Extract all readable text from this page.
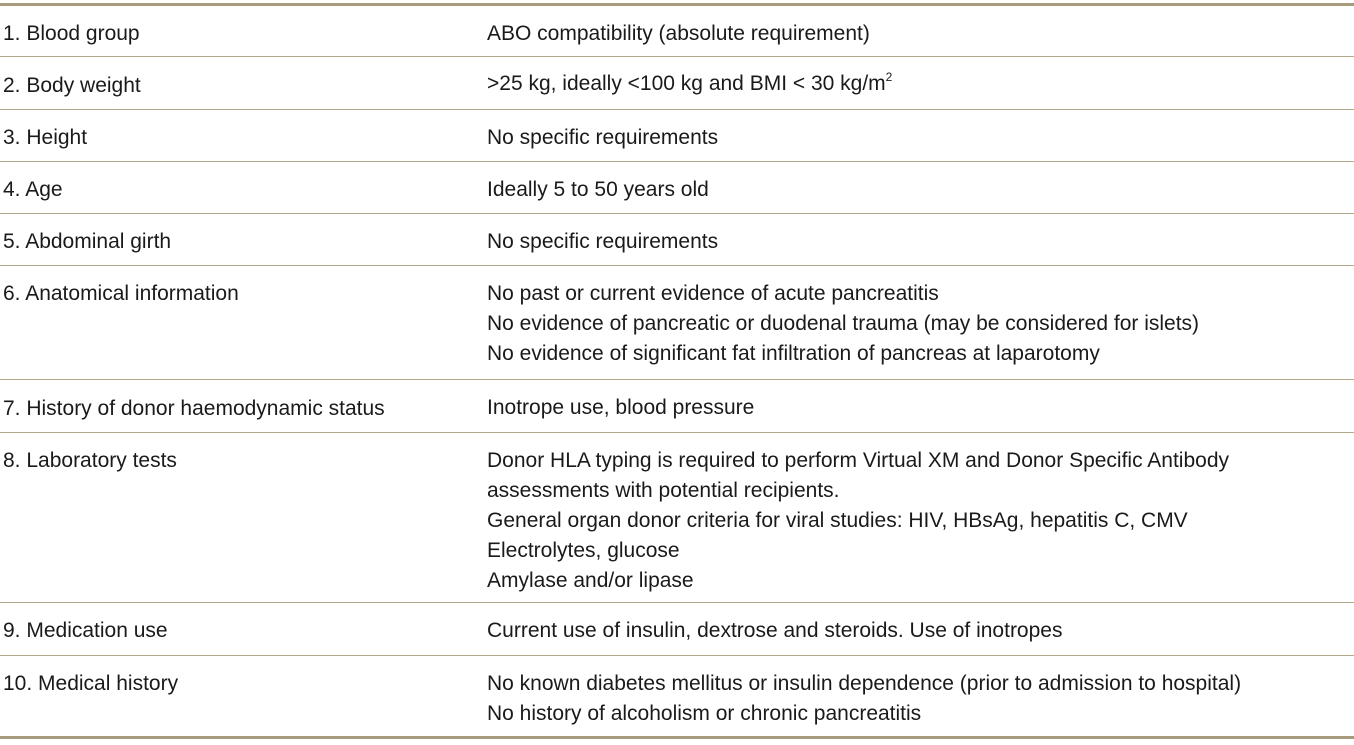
1. Blood group	ABO compatibility (absolute requirement)
2. Body weight	>25 kg, ideally <100 kg and BMI < 30 $kg/m^2$
3. Height	No specific requirements
4. Age	Ideally 5 to 50 years old
5. Abdominal girth	No specific requirements
6. Anatomical information	No past or current evidence of acute pancreatitis
No evidence of pancreatic or duodenal trauma (may be considered for islets)
No evidence of significant fat infiltration of pancreas at laparotomy
7. History of donor haemodynamic status	Inotrope use, blood pressure
8. Laboratory tests	Donor HLA typing is required to perform Virtual XM and Donor Specific Antibody assessments with potential recipients.
General organ donor criteria for viral studies: HIV, HBsAg, hepatitis C, CMV
Electrolytes, glucose
Amylase and/or lipase
9. Medication use	Current use of insulin, dextrose and steroids. Use of inotropes
10. Medical history	No known diabetes mellitus or insulin dependence (prior to admission to hospital)
No history of alcoholism or chronic pancreatitis
